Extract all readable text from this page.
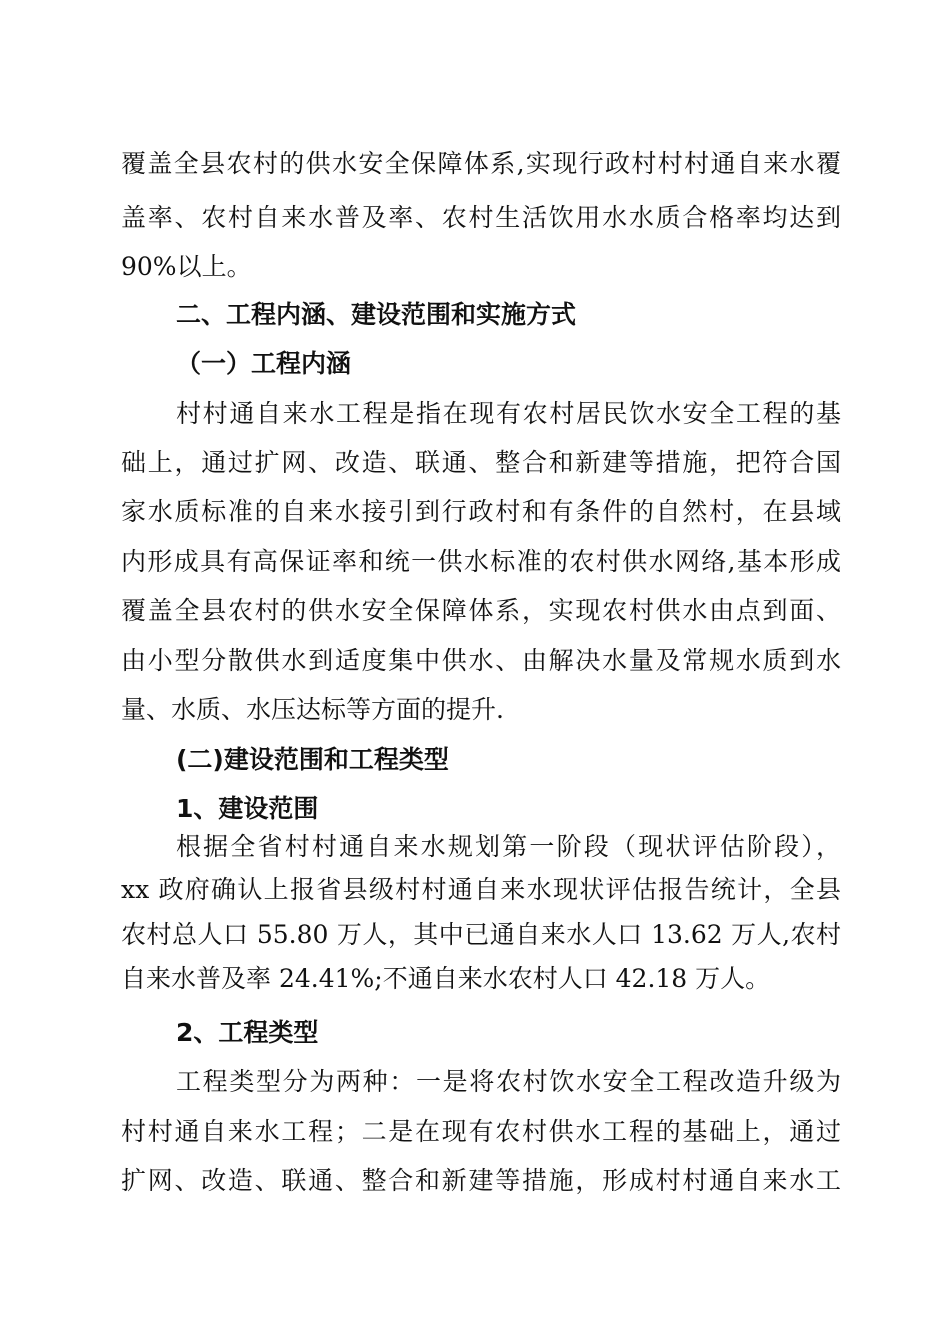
覆盖全县农村的供水安全保障体系,实现行政村村村通自来水覆
盖率、农村自来水普及率、农村生活饮用水水质合格率均达到
90%以上。
二、工程内涵、建设范围和实施方式
（一）工程内涵
村村通自来水工程是指在现有农村居民饮水安全工程的基
础上，通过扩网、改造、联通、整合和新建等措施，把符合国
家水质标准的自来水接引到行政村和有条件的自然村，在县域
内形成具有高保证率和统一供水标准的农村供水网络,基本形成
覆盖全县农村的供水安全保障体系，实现农村供水由点到面、
由小型分散供水到适度集中供水、由解决水量及常规水质到水
量、水质、水压达标等方面的提升.
(二)建设范围和工程类型
1、建设范围
根据全省村村通自来水规划第一阶段（现状评估阶段），
xx 政府确认上报省县级村村通自来水现状评估报告统计，全县
农村总人口 55.80 万人，其中已通自来水人口 13.62 万人,农村
自来水普及率 24.41%;不通自来水农村人口 42.18 万人。
2、工程类型
工程类型分为两种：一是将农村饮水安全工程改造升级为
村村通自来水工程；二是在现有农村供水工程的基础上，通过
扩网、改造、联通、整合和新建等措施，形成村村通自来水工
